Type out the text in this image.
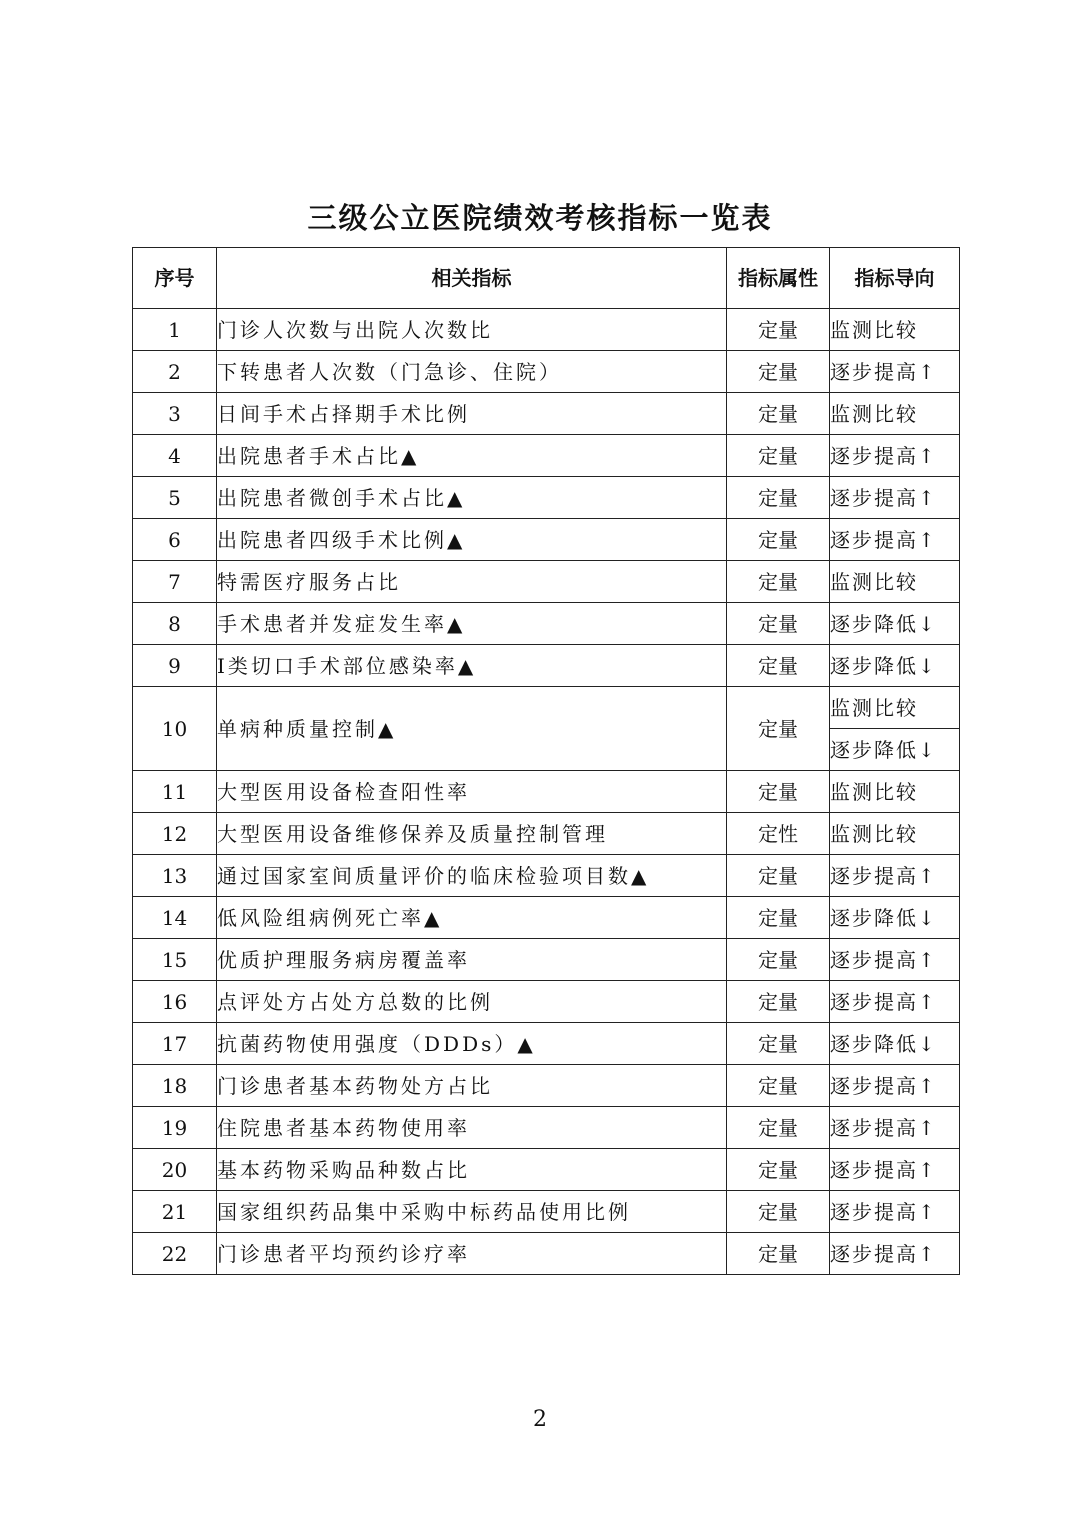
三级公立医院绩效考核指标一览表
序号	相关指标	指标属性	指标导向
1	门诊人次数与出院人次数比	定量	监测比较
2	下转患者人次数（门急诊、住院）	定量	逐步提高↑
3	日间手术占择期手术比例	定量	监测比较
4	出院患者手术占比▲	定量	逐步提高↑
5	出院患者微创手术占比▲	定量	逐步提高↑
6	出院患者四级手术比例▲	定量	逐步提高↑
7	特需医疗服务占比	定量	监测比较
8	手术患者并发症发生率▲	定量	逐步降低↓
9	I类切口手术部位感染率▲	定量	逐步降低↓
10	单病种质量控制▲	定量	监测比较
			逐步降低↓
11	大型医用设备检查阳性率	定量	监测比较
12	大型医用设备维修保养及质量控制管理	定性	监测比较
13	通过国家室间质量评价的临床检验项目数▲	定量	逐步提高↑
14	低风险组病例死亡率▲	定量	逐步降低↓
15	优质护理服务病房覆盖率	定量	逐步提高↑
16	点评处方占处方总数的比例	定量	逐步提高↑
17	抗菌药物使用强度（DDDs）▲	定量	逐步降低↓
18	门诊患者基本药物处方占比	定量	逐步提高↑
19	住院患者基本药物使用率	定量	逐步提高↑
20	基本药物采购品种数占比	定量	逐步提高↑
21	国家组织药品集中采购中标药品使用比例	定量	逐步提高↑
22	门诊患者平均预约诊疗率	定量	逐步提高↑
2
